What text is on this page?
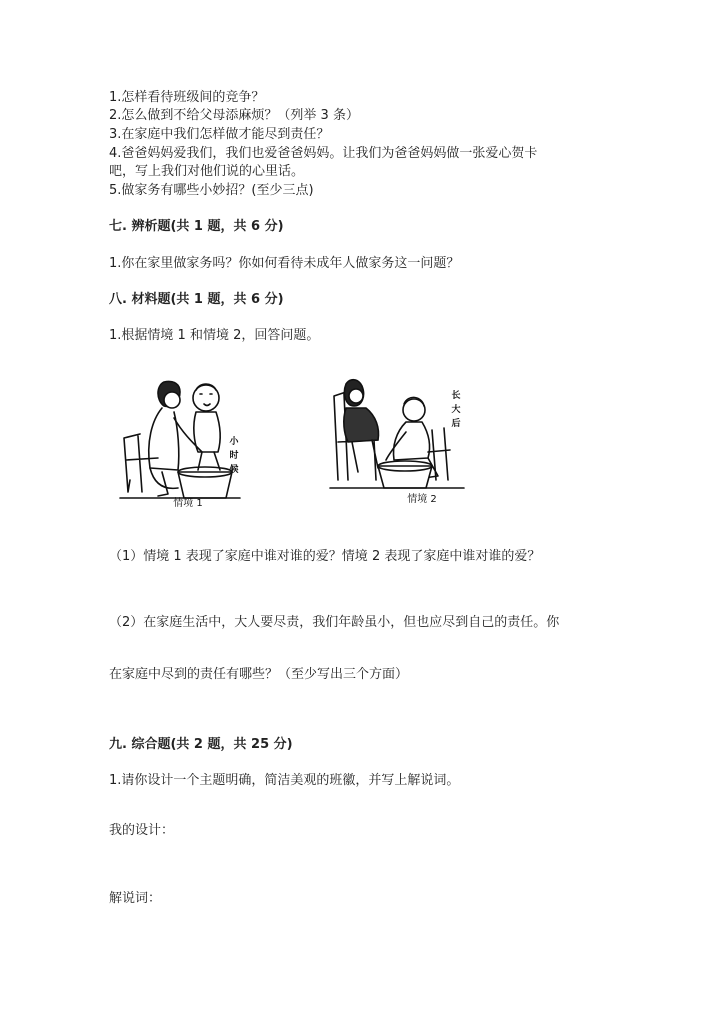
1.怎样看待班级间的竞争？

2.怎么做到不给父母添麻烦？（列举 3 条）

3.在家庭中我们怎样做才能尽到责任？

4.爸爸妈妈爱我们，我们也爱爸爸妈妈。让我们为爸爸妈妈做一张爱心贺卡

吧，写上我们对他们说的心里话。

5.做家务有哪些小妙招？(至少三点)

七. 辨析题(共 1 题，共 6 分)

1.你在家里做家务吗？你如何看待未成年人做家务这一问题？

八. 材料题(共 1 题，共 6 分)

1.根据情境 1 和情境 2，回答问题。

小
时
候
情境 1
长
大
后
情境 2

（1）情境 1 表现了家庭中谁对谁的爱？情境 2 表现了家庭中谁对谁的爱？

（2）在家庭生活中，大人要尽责，我们年龄虽小，但也应尽到自己的责任。你

在家庭中尽到的责任有哪些？（至少写出三个方面）

九. 综合题(共 2 题，共 25 分)

1.请你设计一个主题明确，简洁美观的班徽，并写上解说词。

我的设计：

解说词：
